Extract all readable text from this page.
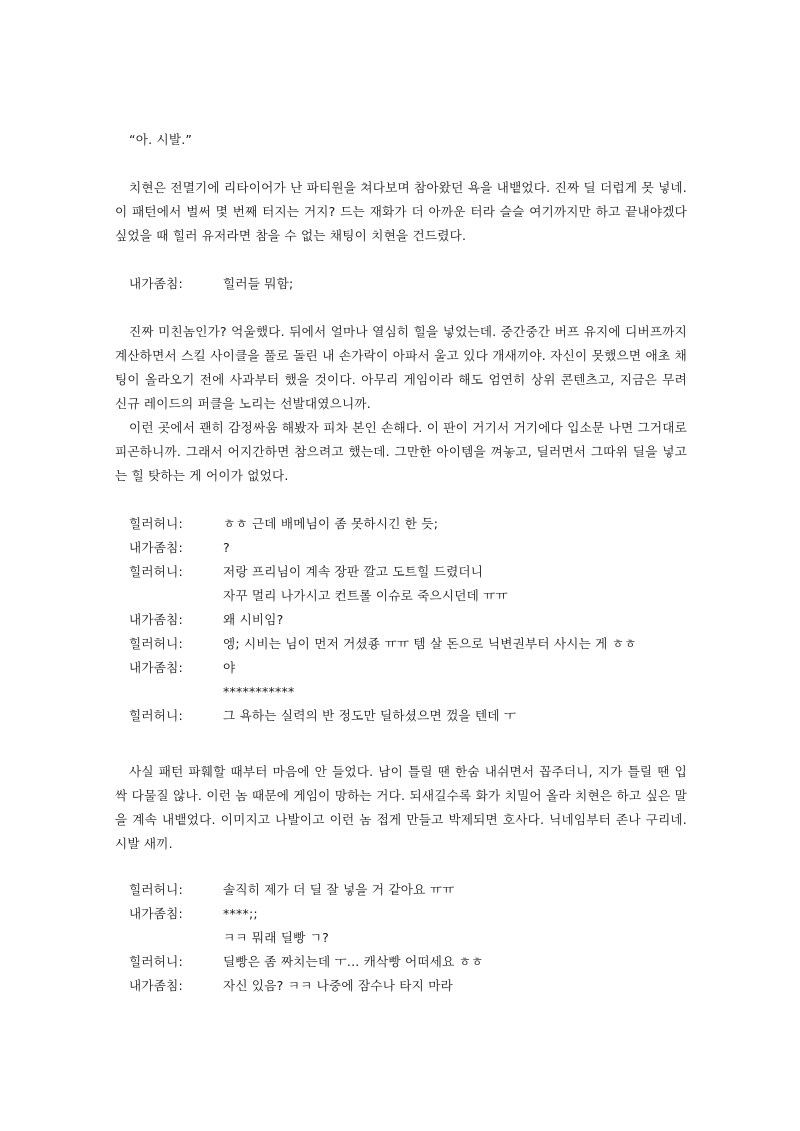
“아. 시발.”

치현은 전멸기에 리타이어가 난 파티원을 쳐다보며 참아왔던 욕을 내뱉었다. 진짜 딜 더럽게 못 넣네. 이 패턴에서 벌써 몇 번째 터지는 거지? 드는 재화가 더 아까운 터라 슬슬 여기까지만 하고 끝내야겠다 싶었을 때 힐러 유저라면 참을 수 없는 채팅이 치현을 건드렸다.

내가좀침:	힐러들 뭐함;

진짜 미친놈인가? 억울했다. 뒤에서 얼마나 열심히 힐을 넣었는데. 중간중간 버프 유지에 디버프까지 계산하면서 스킬 사이클을 풀로 돌린 내 손가락이 아파서 울고 있다 개새끼야. 자신이 못했으면 애초 채팅이 올라오기 전에 사과부터 했을 것이다. 아무리 게임이라 해도 엄연히 상위 콘텐츠고, 지금은 무려 신규 레이드의 퍼클을 노리는 선발대였으니까.

이런 곳에서 괜히 감정싸움 해봤자 피차 본인 손해다. 이 판이 거기서 거기에다 입소문 나면 그거대로 피곤하니까. 그래서 어지간하면 참으려고 했는데. 그만한 아이템을 껴놓고, 딜러면서 그따위 딜을 넣고는 힐 탓하는 게 어이가 없었다.

힐러허니:	ㅎㅎ 근데 배메님이 좀 못하시긴 한 듯;
내가좀침:	?
힐러허니:	저랑 프리님이 계속 장판 깔고 도트힐 드렸더니
자꾸 멀리 나가시고 컨트롤 이슈로 죽으시던데 ㅠㅠ
내가좀침:	왜 시비임?
힐러허니:	엥; 시비는 님이 먼저 거셨죵 ㅠㅠ 템 살 돈으로 닉변권부터 사시는 게 ㅎㅎ
내가좀침:	야
***********
힐러허니:	그 욕하는 실력의 반 정도만 딜하셨으면 껐을 텐데 ㅜ

사실 패턴 파훼할 때부터 마음에 안 들었다. 남이 틀릴 땐 한숨 내쉬면서 꼽주더니, 지가 틀릴 땐 입 싹 다물질 않나. 이런 놈 때문에 게임이 망하는 거다. 되새길수록 화가 치밀어 올라 치현은 하고 싶은 말을 계속 내뱉었다. 이미지고 나발이고 이런 놈 접게 만들고 박제되면 호사다. 닉네임부터 존나 구리네. 시발 새끼.

힐러허니:	솔직히 제가 더 딜 잘 넣을 거 같아요 ㅠㅠ
내가좀침:	****;;
ㅋㅋ 뭐래 딜빵 ㄱ?
힐러허니:	딜빵은 좀 짜치는데 ㅜ... 캐삭빵 어떠세요 ㅎㅎ
내가좀침:	자신 있음? ㅋㅋ 나중에 잠수나 타지 마라
